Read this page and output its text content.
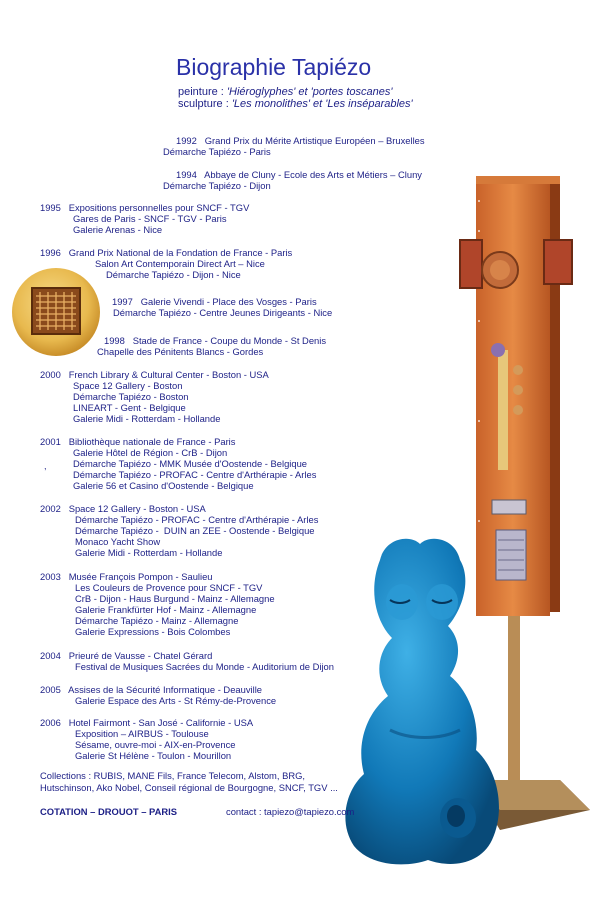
Biographie Tapiézo
peinture : 'Hiéroglyphes' et 'portes toscanes'
sculpture : 'Les monolithes' et 'Les inséparables'
1992 Grand Prix du Mérite Artistique Européen – Bruxelles
Démarche Tapiézo - Paris
1994 Abbaye de Cluny - Ecole des Arts et Métiers – Cluny
Démarche Tapiézo - Dijon
1995 Expositions personnelles pour SNCF - TGV
Gares de Paris - SNCF - TGV - Paris
Galerie Arenas - Nice
1996 Grand Prix National de la Fondation de France - Paris
Salon Art Contemporain Direct Art – Nice
Démarche Tapiézo - Dijon - Nice
1997 Galerie Vivendi - Place des Vosges - Paris
Démarche Tapiézo - Centre Jeunes Dirigeants - Nice
1998 Stade de France - Coupe du Monde - St Denis
Chapelle des Pénitents Blancs - Gordes
2000 French Library & Cultural Center - Boston - USA
Space 12 Gallery - Boston
Démarche Tapiézo - Boston
LINEART - Gent - Belgique
Galerie Midi - Rotterdam - Hollande
2001 Bibliothèque nationale de France - Paris
Galerie Hôtel de Région - CrB - Dijon
Démarche Tapiézo - MMK Musée d'Oostende - Belgique
Démarche Tapiézo - PROFAC - Centre d'Arthérapie - Arles
Galerie 56 et Casino d'Oostende - Belgique
,
2002 Space 12 Gallery - Boston - USA
Démarche Tapiézo - PROFAC - Centre d'Arthérapie - Arles
Démarche Tapiézo -  DUIN an ZEE - Oostende - Belgique
Monaco Yacht Show
Galerie Midi - Rotterdam - Hollande
2003 Musée François Pompon - Saulieu
Les Couleurs de Provence pour SNCF - TGV
CrB - Dijon - Haus Burgund - Mainz - Allemagne
Galerie Frankfürter Hof - Mainz - Allemagne
Démarche Tapiézo - Mainz - Allemagne
Galerie Expressions - Bois Colombes
2004 Prieuré de Vausse - Chatel Gérard
Festival de Musiques Sacrées du Monde - Auditorium de Dijon
2005 Assises de la Sécurité Informatique - Deauville
Galerie Espace des Arts - St Rémy-de-Provence
2006 Hotel Fairmont - San José - Californie - USA
Exposition – AIRBUS - Toulouse
Sésame, ouvre-moi - AIX-en-Provence
Galerie St Hélène - Toulon - Mourillon
Collections : RUBIS, MANE Fils, France Telecom, Alstom, BRG,
Hutschinson, Ako Nobel, Conseil régional de Bourgogne, SNCF, TGV ...
COTATION – DROUOT – PARIS	contact : tapiezo@tapiezo.com
